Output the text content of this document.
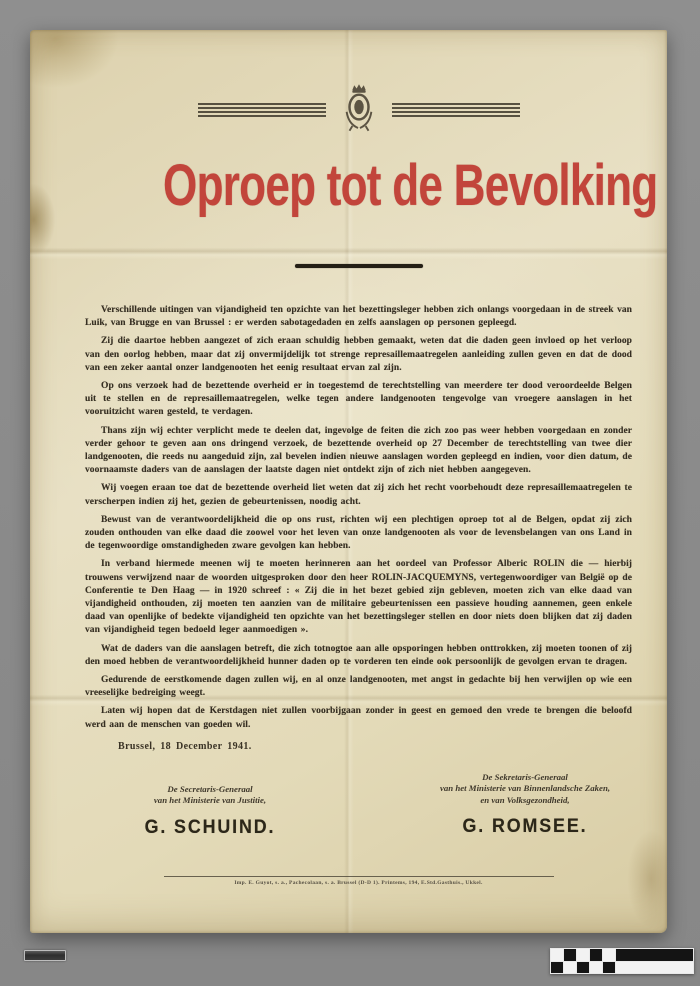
Oproep tot de Bevolking

Verschillende uitingen van vijandigheid ten opzichte van het bezettingsleger hebben zich onlangs voorgedaan in de streek van Luik, van Brugge en van Brussel : er werden sabotagedaden en zelfs aanslagen op personen gepleegd.

Zij die daartoe hebben aangezet of zich eraan schuldig hebben gemaakt, weten dat die daden geen invloed op het verloop van den oorlog hebben, maar dat zij onvermijdelijk tot strenge represaillemaatregelen aanleiding zullen geven en dat de dood van een zeker aantal onzer landgenooten het eenig resultaat ervan zal zijn.

Op ons verzoek had de bezettende overheid er in toegestemd de terechtstelling van meerdere ter dood veroordeelde Belgen uit te stellen en de represaillemaatregelen, welke tegen andere landgenooten tengevolge van vroegere aanslagen in het vooruitzicht waren gesteld, te verdagen.

Thans zijn wij echter verplicht mede te deelen dat, ingevolge de feiten die zich zoo pas weer hebben voorgedaan en zonder verder gehoor te geven aan ons dringend verzoek, de bezettende overheid op 27 December de terechtstelling van twee dier landgenooten, die reeds nu aangeduid zijn, zal bevelen indien nieuwe aanslagen worden gepleegd en indien, voor dien datum, de voornaamste daders van de aanslagen der laatste dagen niet ontdekt zijn of zich niet hebben aangegeven.

Wij voegen eraan toe dat de bezettende overheid liet weten dat zij zich het recht voorbehoudt deze represaillemaatregelen te verscherpen indien zij het, gezien de gebeurtenissen, noodig acht.

Bewust van de verantwoordelijkheid die op ons rust, richten wij een plechtigen oproep tot al de Belgen, opdat zij zich zouden onthouden van elke daad die zoowel voor het leven van onze landgenooten als voor de levensbelangen van ons Land in de tegenwoordige omstandigheden zware gevolgen kan hebben.

In verband hiermede meenen wij te moeten herinneren aan het oordeel van Professor Alberic ROLIN die — hierbij trouwens verwijzend naar de woorden uitgesproken door den heer ROLIN-JACQUEMYNS, vertegenwoordiger van België op de Conferentie te Den Haag — in 1920 schreef : « Zij die in het bezet gebied zijn gebleven, moeten zich van elke daad van vijandigheid onthouden, zij moeten ten aanzien van de militaire gebeurtenissen een passieve houding aannemen, geen enkele daad van openlijke of bedekte vijandigheid ten opzichte van het bezettingsleger stellen en door niets doen blijken dat zij daden van vijandigheid tegen bedoeld leger aanmoedigen ».

Wat de daders van die aanslagen betreft, die zich totnogtoe aan alle opsporingen hebben onttrokken, zij moeten toonen of zij den moed hebben de verantwoordelijkheid hunner daden op te vorderen ten einde ook persoonlijk de gevolgen ervan te dragen.

Gedurende de eerstkomende dagen zullen wij, en al onze landgenooten, met angst in gedachte bij hen verwijlen op wie een vreeselijke bedreiging weegt.

Laten wij hopen dat de Kerstdagen niet zullen voorbijgaan zonder in geest en gemoed den vrede te brengen die beloofd werd aan de menschen van goeden wil.

Brussel, 18 December 1941.
De Secretaris-Generaal
van het Ministerie van Justitie,
G. SCHUIND.
De Sekretaris-Generaal
van het Ministerie van Binnenlandsche Zaken,
en van Volksgezondheid,
G. ROMSEE.
Imp. E. Guyot, s. a., Pachecolaan, s. a. Brussel (D-D 1). Printems, 194, E.Std.Gasthuis., Ukkel.
